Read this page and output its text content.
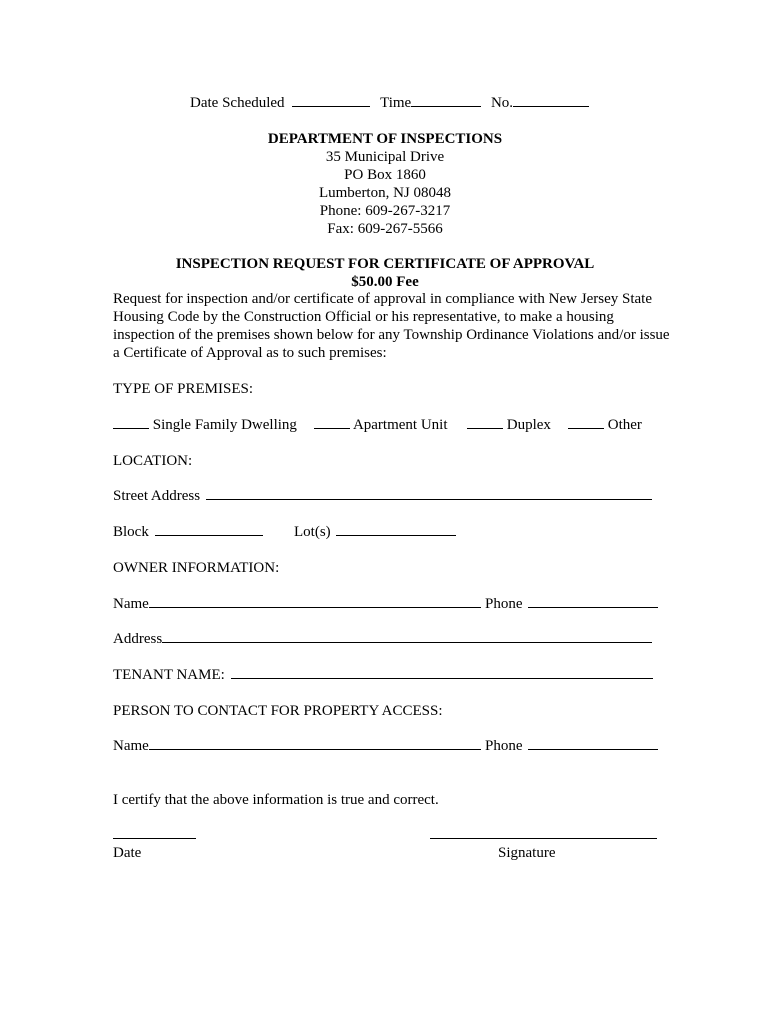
Date Scheduled	Time	No.
DEPARTMENT OF INSPECTIONS
35 Municipal Drive
PO Box 1860
Lumberton, NJ 08048
Phone: 609-267-3217
Fax: 609-267-5566
INSPECTION REQUEST FOR CERTIFICATE OF APPROVAL
$50.00 Fee
Request for inspection and/or certificate of approval in compliance with New Jersey State Housing Code by the Construction Official or his representative, to make a housing inspection of the premises shown below for any Township Ordinance Violations and/or issue a Certificate of Approval as to such premises:
TYPE OF PREMISES:
Single Family Dwelling	Apartment Unit	Duplex	Other
LOCATION:
Street Address
Block	Lot(s)
OWNER INFORMATION:
Name	Phone
Address
TENANT NAME:
PERSON TO CONTACT FOR PROPERTY ACCESS:
Name	Phone
I certify that the above information is true and correct.
Date	Signature
